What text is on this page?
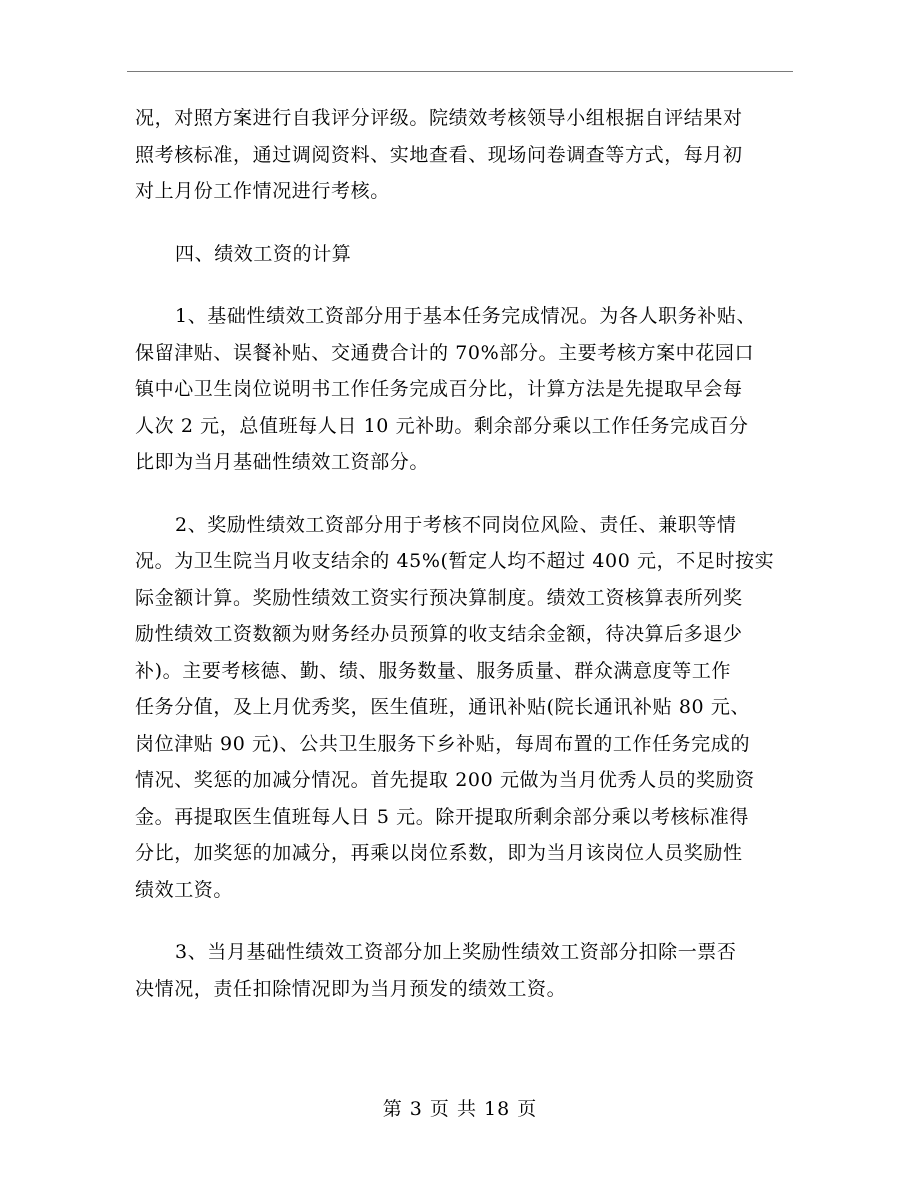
况，对照方案进行自我评分评级。院绩效考核领导小组根据自评结果对
照考核标准，通过调阅资料、实地查看、现场问卷调查等方式，每月初
对上月份工作情况进行考核。
四、绩效工资的计算
1、基础性绩效工资部分用于基本任务完成情况。为各人职务补贴、
保留津贴、误餐补贴、交通费合计的 70%部分。主要考核方案中花园口
镇中心卫生岗位说明书工作任务完成百分比，计算方法是先提取早会每
人次 2 元，总值班每人日 10 元补助。剩余部分乘以工作任务完成百分
比即为当月基础性绩效工资部分。
2、奖励性绩效工资部分用于考核不同岗位风险、责任、兼职等情
况。为卫生院当月收支结余的 45%(暂定人均不超过 400 元，不足时按实
际金额计算。奖励性绩效工资实行预决算制度。绩效工资核算表所列奖
励性绩效工资数额为财务经办员预算的收支结余金额，待决算后多退少
补)。主要考核德、勤、绩、服务数量、服务质量、群众满意度等工作
任务分值，及上月优秀奖，医生值班，通讯补贴(院长通讯补贴 80 元、
岗位津贴 90 元)、公共卫生服务下乡补贴，每周布置的工作任务完成的
情况、奖惩的加减分情况。首先提取 200 元做为当月优秀人员的奖励资
金。再提取医生值班每人日 5 元。除开提取所剩余部分乘以考核标准得
分比，加奖惩的加减分，再乘以岗位系数，即为当月该岗位人员奖励性
绩效工资。
3、当月基础性绩效工资部分加上奖励性绩效工资部分扣除一票否
决情况，责任扣除情况即为当月预发的绩效工资。
第 3 页 共 18 页
